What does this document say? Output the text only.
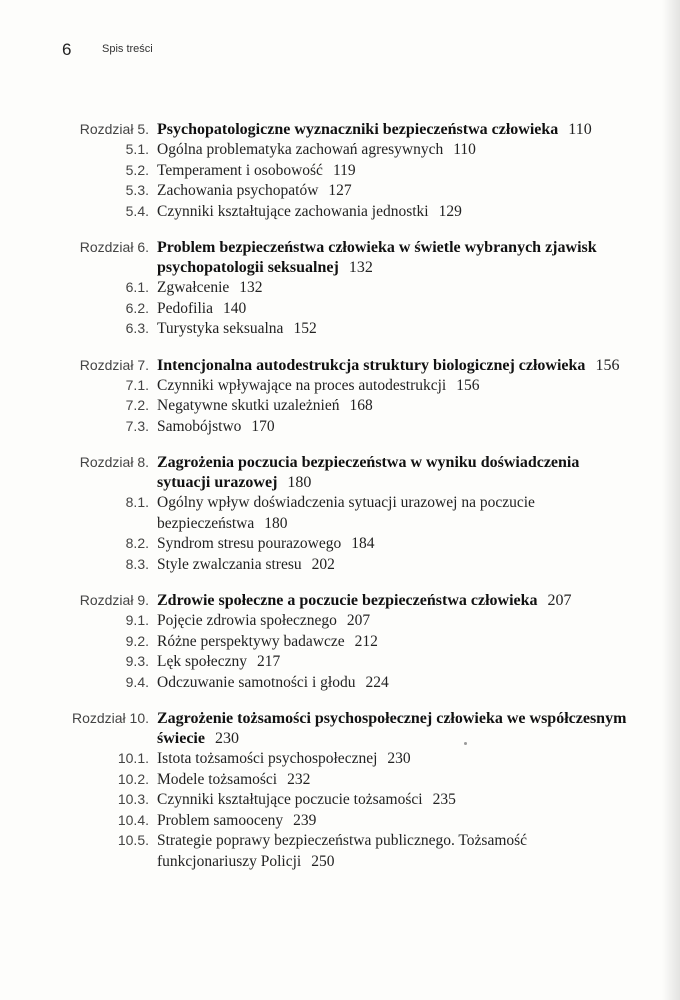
6	Spis treści
Rozdział 5. Psychopatologiczne wyznaczniki bezpieczeństwa człowieka 110
5.1. Ogólna problematyka zachowań agresywnych 110
5.2. Temperament i osobowość 119
5.3. Zachowania psychopatów 127
5.4. Czynniki kształtujące zachowania jednostki 129
Rozdział 6. Problem bezpieczeństwa człowieka w świetle wybranych zjawisk psychopatologii seksualnej 132
6.1. Zgwałcenie 132
6.2. Pedofilia 140
6.3. Turystyka seksualna 152
Rozdział 7. Intencjonalna autodestrukcja struktury biologicznej człowieka 156
7.1. Czynniki wpływające na proces autodestrukcji 156
7.2. Negatywne skutki uzależnień 168
7.3. Samobójstwo 170
Rozdział 8. Zagrożenia poczucia bezpieczeństwa w wyniku doświadczenia sytuacji urazowej 180
8.1. Ogólny wpływ doświadczenia sytuacji urazowej na poczucie bezpieczeństwa 180
8.2. Syndrom stresu pourazowego 184
8.3. Style zwalczania stresu 202
Rozdział 9. Zdrowie społeczne a poczucie bezpieczeństwa człowieka 207
9.1. Pojęcie zdrowia społecznego 207
9.2. Różne perspektywy badawcze 212
9.3. Lęk społeczny 217
9.4. Odczuwanie samotności i głodu 224
Rozdział 10. Zagrożenie tożsamości psychospołecznej człowieka we współczesnym świecie 230
10.1. Istota tożsamości psychospołecznej 230
10.2. Modele tożsamości 232
10.3. Czynniki kształtujące poczucie tożsamości 235
10.4. Problem samooceny 239
10.5. Strategie poprawy bezpieczeństwa publicznego. Tożsamość funkcjonariuszy Policji 250
